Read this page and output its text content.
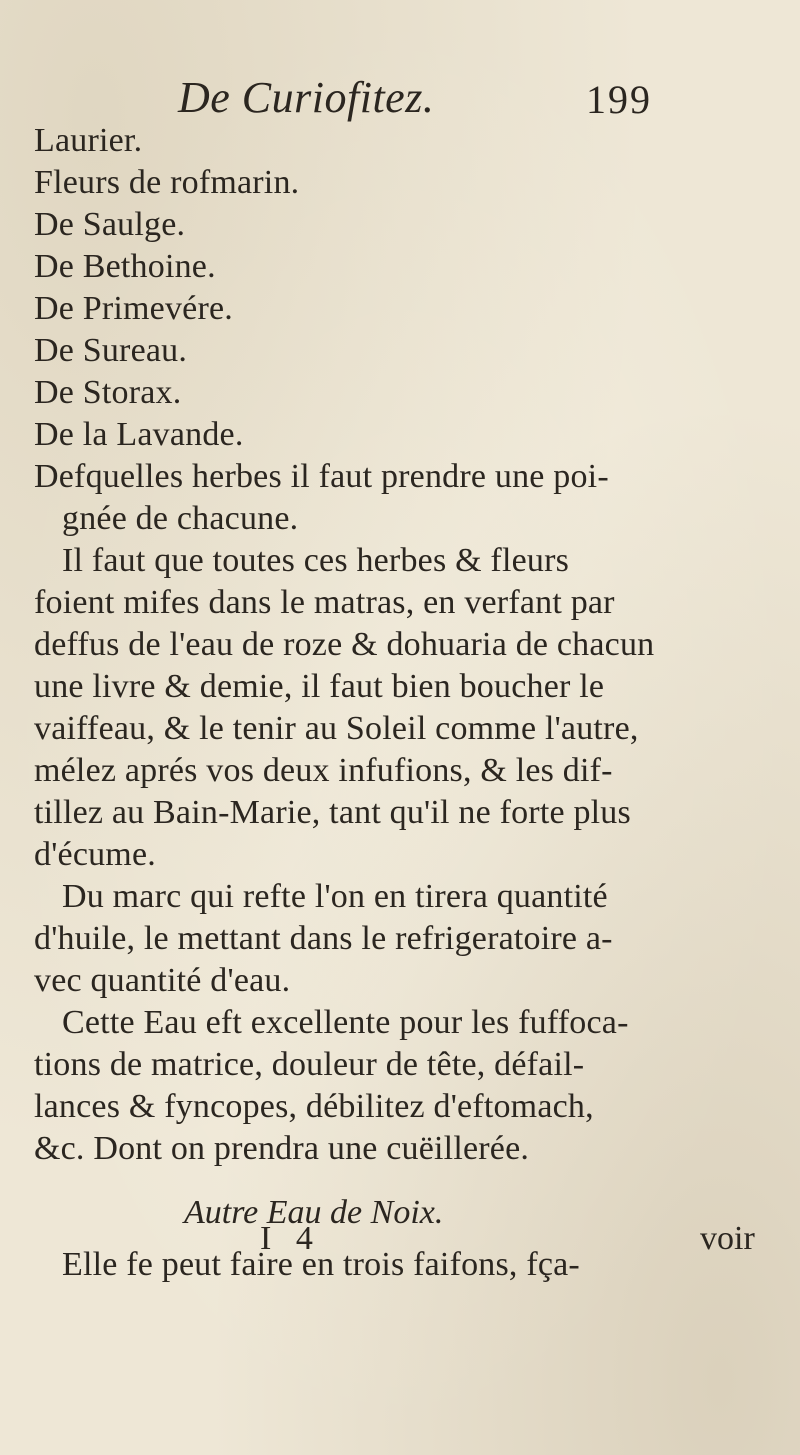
De Curiofitez.	199
Laurier.
Fleurs de rofmarin.
De Saulge.
De Bethoine.
De Primevére.
De Sureau.
De Storax.
De la Lavande.
Defquelles herbes il faut prendre une poi-
gnée de chacune.
Il faut que toutes ces herbes & fleurs
foient mifes dans le matras, en verfant par
deffus de l'eau de roze & dohuaria de chacun
une livre & demie, il faut bien boucher le
vaiffeau, & le tenir au Soleil comme l'autre,
mélez aprés vos deux infufions, & les dif-
tillez au Bain-Marie, tant qu'il ne forte plus
d'écume.
Du marc qui refte l'on en tirera quantité
d'huile, le mettant dans le refrigeratoire a-
vec quantité d'eau.
Cette Eau eft excellente pour les fuffoca-
tions de matrice, douleur de tête, défail-
lances & fyncopes, débilitez d'eftomach,
&c. Dont on prendra une cuëillerée.
Autre Eau de Noix.
Elle fe peut faire en trois faifons, fça-
I 4	voir
